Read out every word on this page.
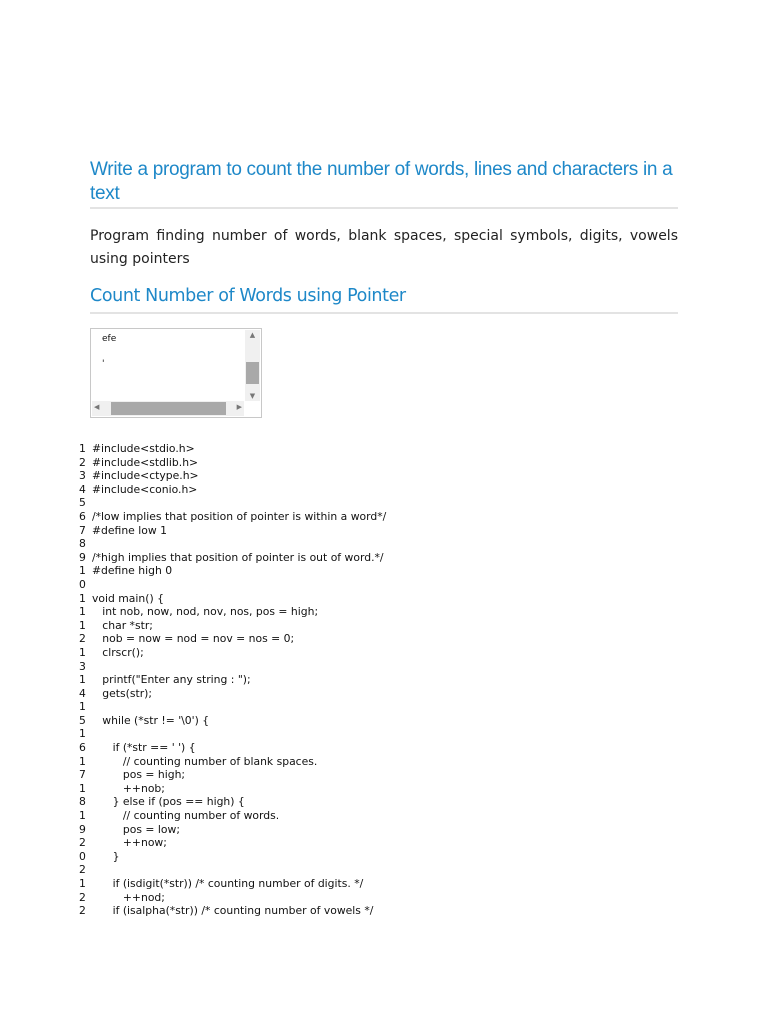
Write a program to count the number of words, lines and characters in a text
Program finding number of words, blank spaces, special symbols, digits, vowels using pointers
Count Number of Words using Pointer
efe
'
▲
▼
◀	▶
1 #include<stdio.h>
2 #include<stdlib.h>
3 #include<ctype.h>
4 #include<conio.h>
5
6 /*low implies that position of pointer is within a word*/
7 #define low 1
8
9 /*high implies that position of pointer is out of word.*/
1 #define high 0
0
1 void main() {
1 int nob, now, nod, nov, nos, pos = high;
1 char *str;
2 nob = now = nod = nov = nos = 0;
1 clrscr();
3
1 printf("Enter any string : ");
4 gets(str);
1
5 while (*str != '\0') {
1
6 if (*str == ' ') {
1 // counting number of blank spaces.
7 pos = high;
1 ++nob;
8 } else if (pos == high) {
1 // counting number of words.
9 pos = low;
2 ++now;
0 }
2
1 if (isdigit(*str)) /* counting number of digits. */
2 ++nod;
2 if (isalpha(*str)) /* counting number of vowels */
